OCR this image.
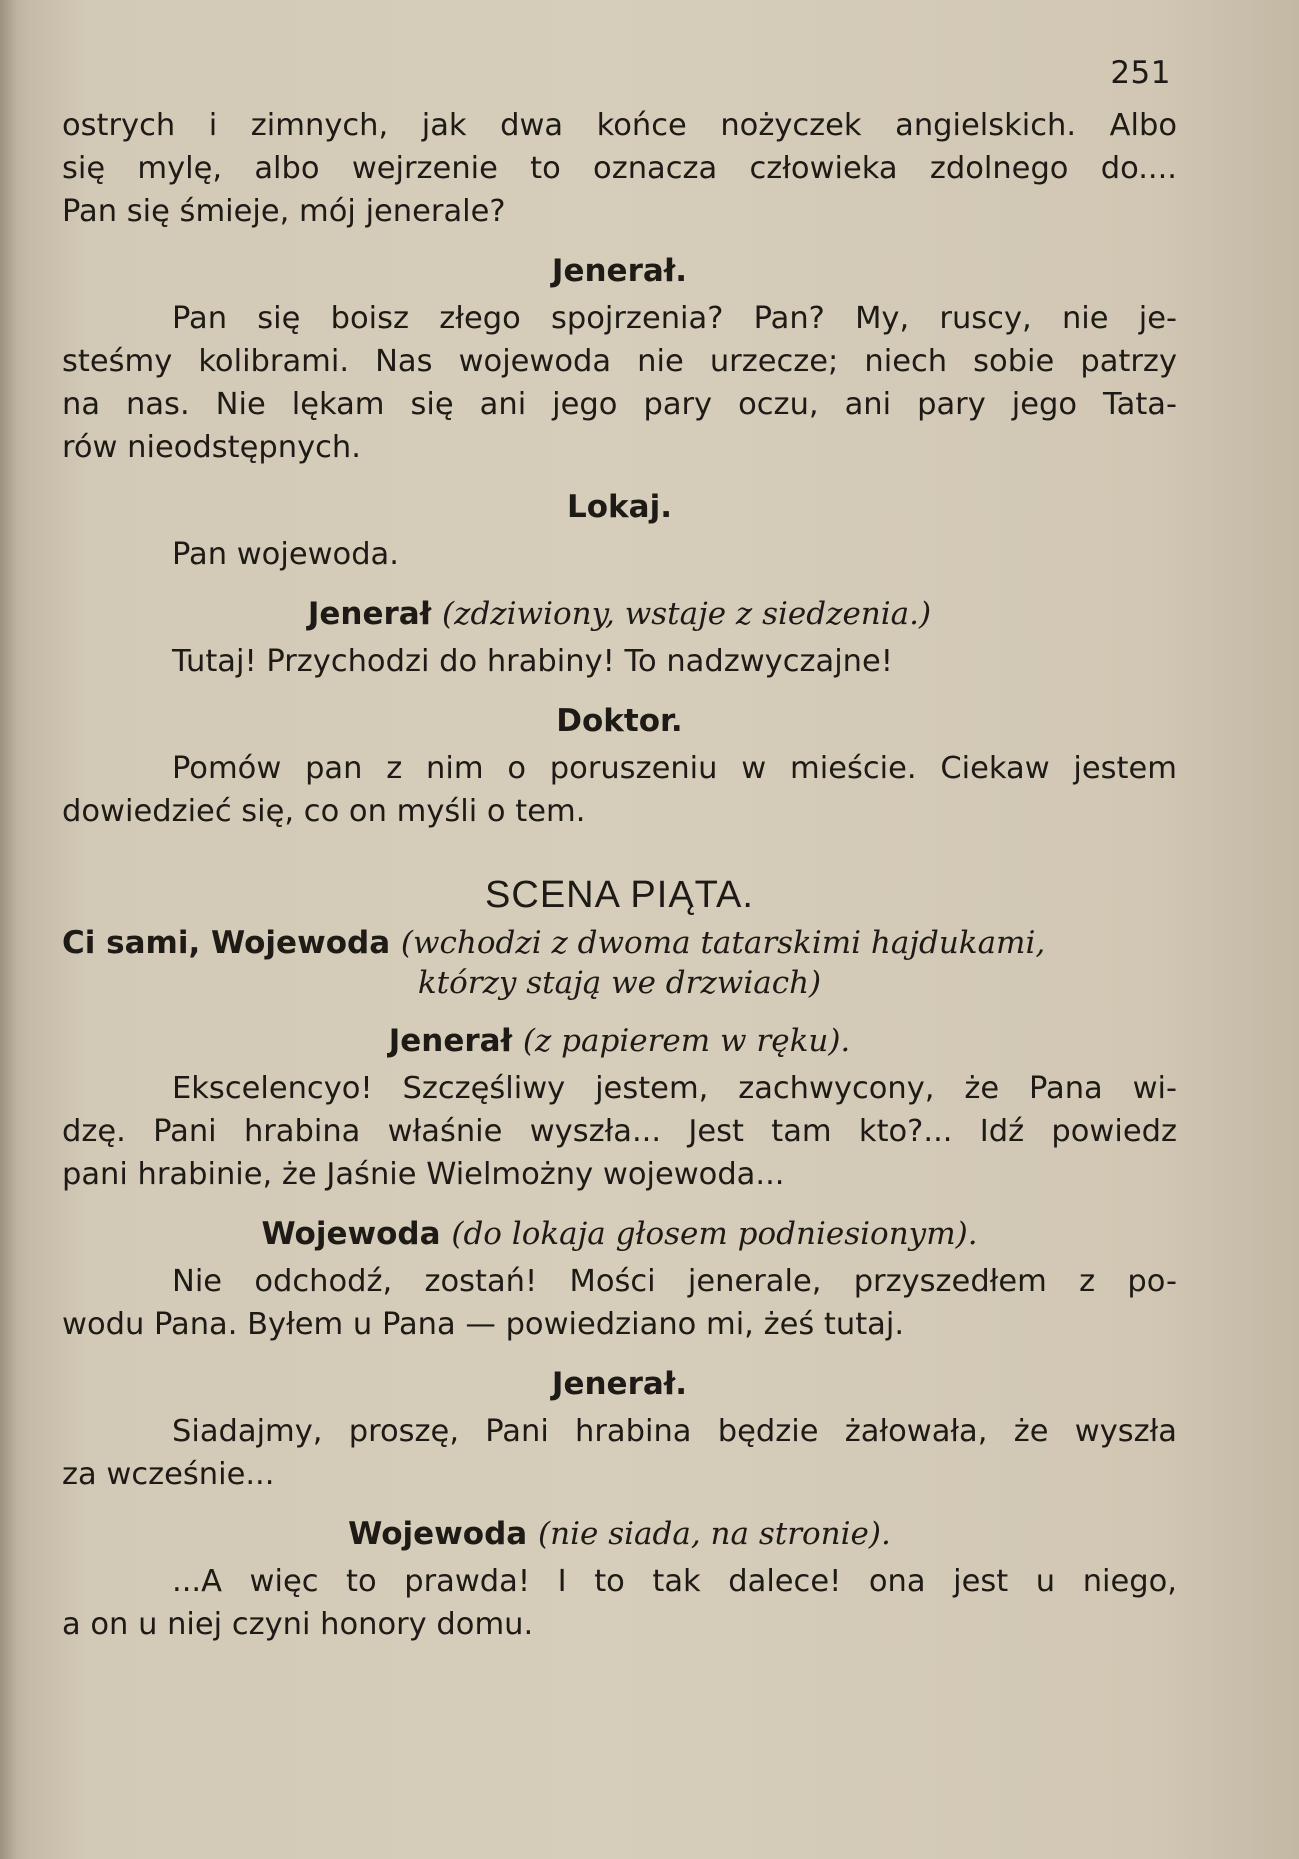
251
ostrych i zimnych, jak dwa końce nożyczek angielskich. Albo
się mylę, albo wejrzenie to oznacza człowieka zdolnego do....
Pan się śmieje, mój jenerale?
Jenerał.
Pan się boisz złego spojrzenia? Pan? My, ruscy, nie je-
steśmy kolibrami. Nas wojewoda nie urzecze; niech sobie patrzy
na nas. Nie lękam się ani jego pary oczu, ani pary jego Tata-
rów nieodstępnych.
Lokaj.
Pan wojewoda.
Jenerał (zdziwiony, wstaje z siedzenia.)
Tutaj! Przychodzi do hrabiny! To nadzwyczajne!
Doktor.
Pomów pan z nim o poruszeniu w mieście. Ciekaw jestem
dowiedzieć się, co on myśli o tem.
SCENA PIĄTA.
Ci sami, Wojewoda (wchodzi z dwoma tatarskimi hajdukami,
którzy stają we drzwiach)
Jenerał (z papierem w ręku).
Ekscelencyo! Szczęśliwy jestem, zachwycony, że Pana wi-
dzę. Pani hrabina właśnie wyszła... Jest tam kto?... Idź powiedz
pani hrabinie, że Jaśnie Wielmożny wojewoda...
Wojewoda (do lokaja głosem podniesionym).
Nie odchodź, zostań! Mości jenerale, przyszedłem z po-
wodu Pana. Byłem u Pana — powiedziano mi, żeś tutaj.
Jenerał.
Siadajmy, proszę, Pani hrabina będzie żałowała, że wyszła
za wcześnie...
Wojewoda (nie siada, na stronie).
...A więc to prawda! I to tak dalece! ona jest u niego,
a on u niej czyni honory domu.
